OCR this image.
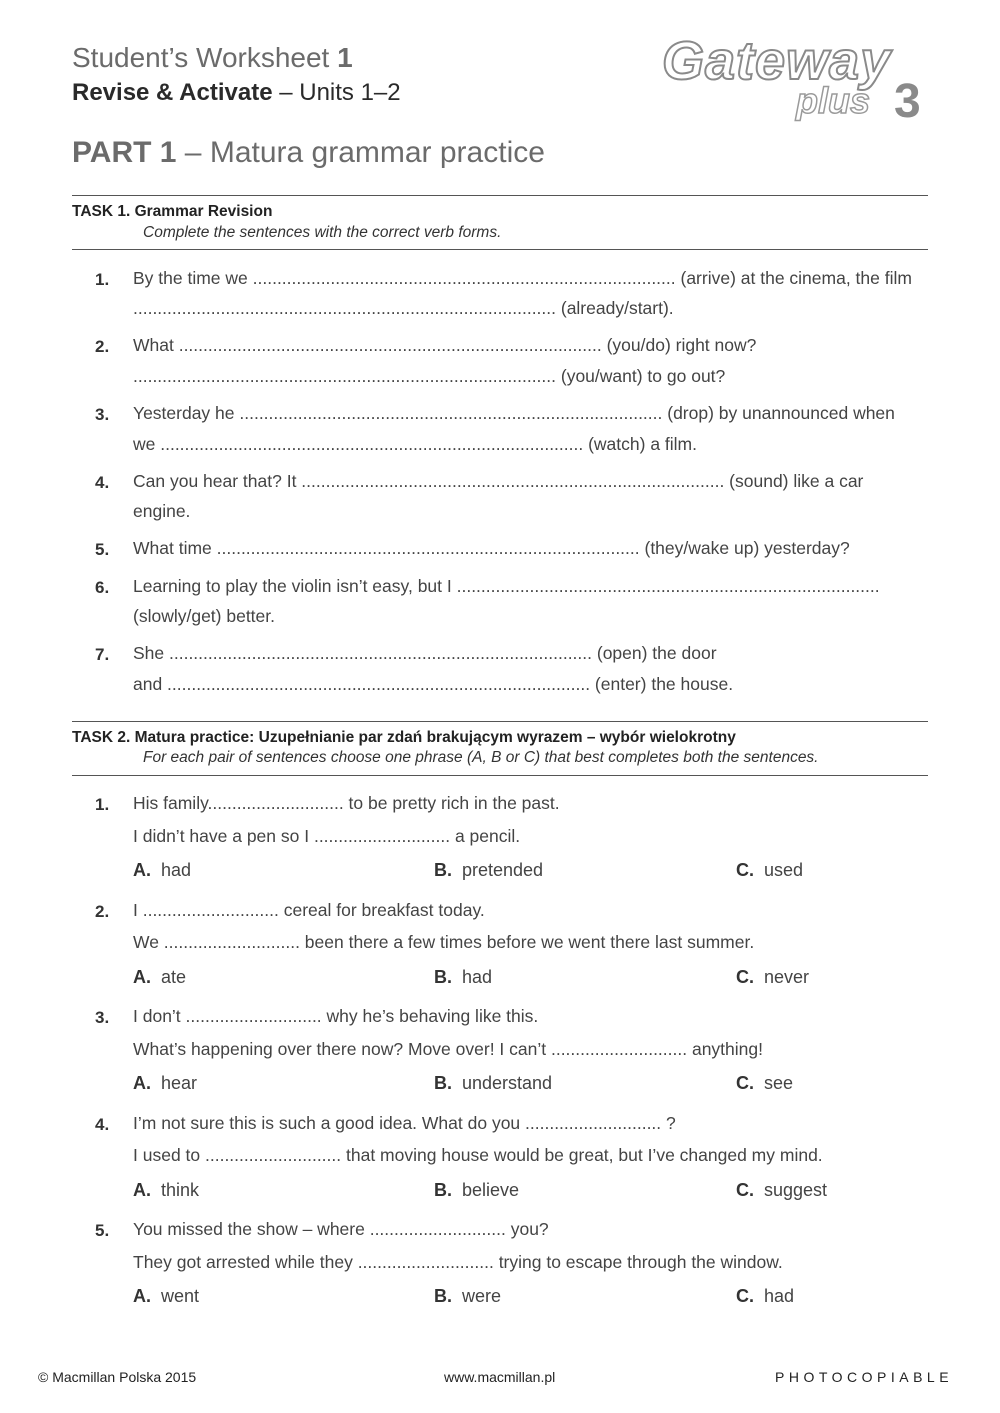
Student’s Worksheet 1
Revise & Activate – Units 1–2
PART 1 – Matura grammar practice
Gateway
plus 3
TASK 1. Grammar Revision
Complete the sentences with the correct verb forms.
1. By the time we ....................................................................................... (arrive) at the cinema, the film
....................................................................................... (already/start).
2. What ....................................................................................... (you/do) right now?
....................................................................................... (you/want) to go out?
3. Yesterday he ....................................................................................... (drop) by unannounced when
we ....................................................................................... (watch) a film.
4. Can you hear that? It ....................................................................................... (sound) like a car
engine.
5. What time ....................................................................................... (they/wake up) yesterday?
6. Learning to play the violin isn’t easy, but I .......................................................................................
(slowly/get) better.
7. She ....................................................................................... (open) the door
and ....................................................................................... (enter) the house.
TASK 2. Matura practice: Uzupełnianie par zdań brakującym wyrazem – wybór wielokrotny
For each pair of sentences choose one phrase (A, B or C) that best completes both the sentences.
1. His family............................ to be pretty rich in the past.
I didn’t have a pen so I ............................ a pencil.
A. had	B. pretended	C. used
2. I ............................ cereal for breakfast today.
We ............................ been there a few times before we went there last summer.
A. ate	B. had	C. never
3. I don’t ............................ why he’s behaving like this.
What’s happening over there now? Move over! I can’t ............................ anything!
A. hear	B. understand	C. see
4. I’m not sure this is such a good idea. What do you ............................ ?
I used to ............................ that moving house would be great, but I’ve changed my mind.
A. think	B. believe	C. suggest
5. You missed the show – where ............................ you?
They got arrested while they ............................ trying to escape through the window.
A. went	B. were	C. had
© Macmillan Polska 2015	www.macmillan.pl	PHOTOCOPIABLE
